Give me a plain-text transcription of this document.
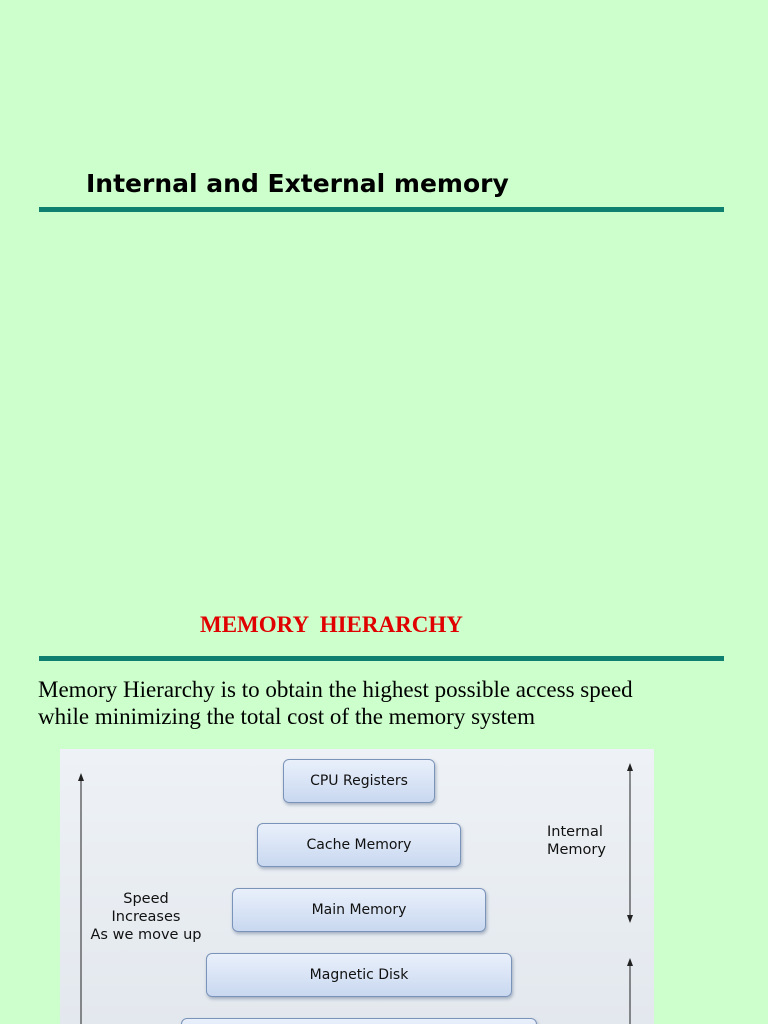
Internal and External memory
MEMORY  HIERARCHY

Memory Hierarchy is to obtain the highest possible access speed
while minimizing the total cost of the memory system

CPU Registers
Cache Memory
Main Memory
Magnetic Disk

Speed
Increases
As we move up

Internal
Memory
